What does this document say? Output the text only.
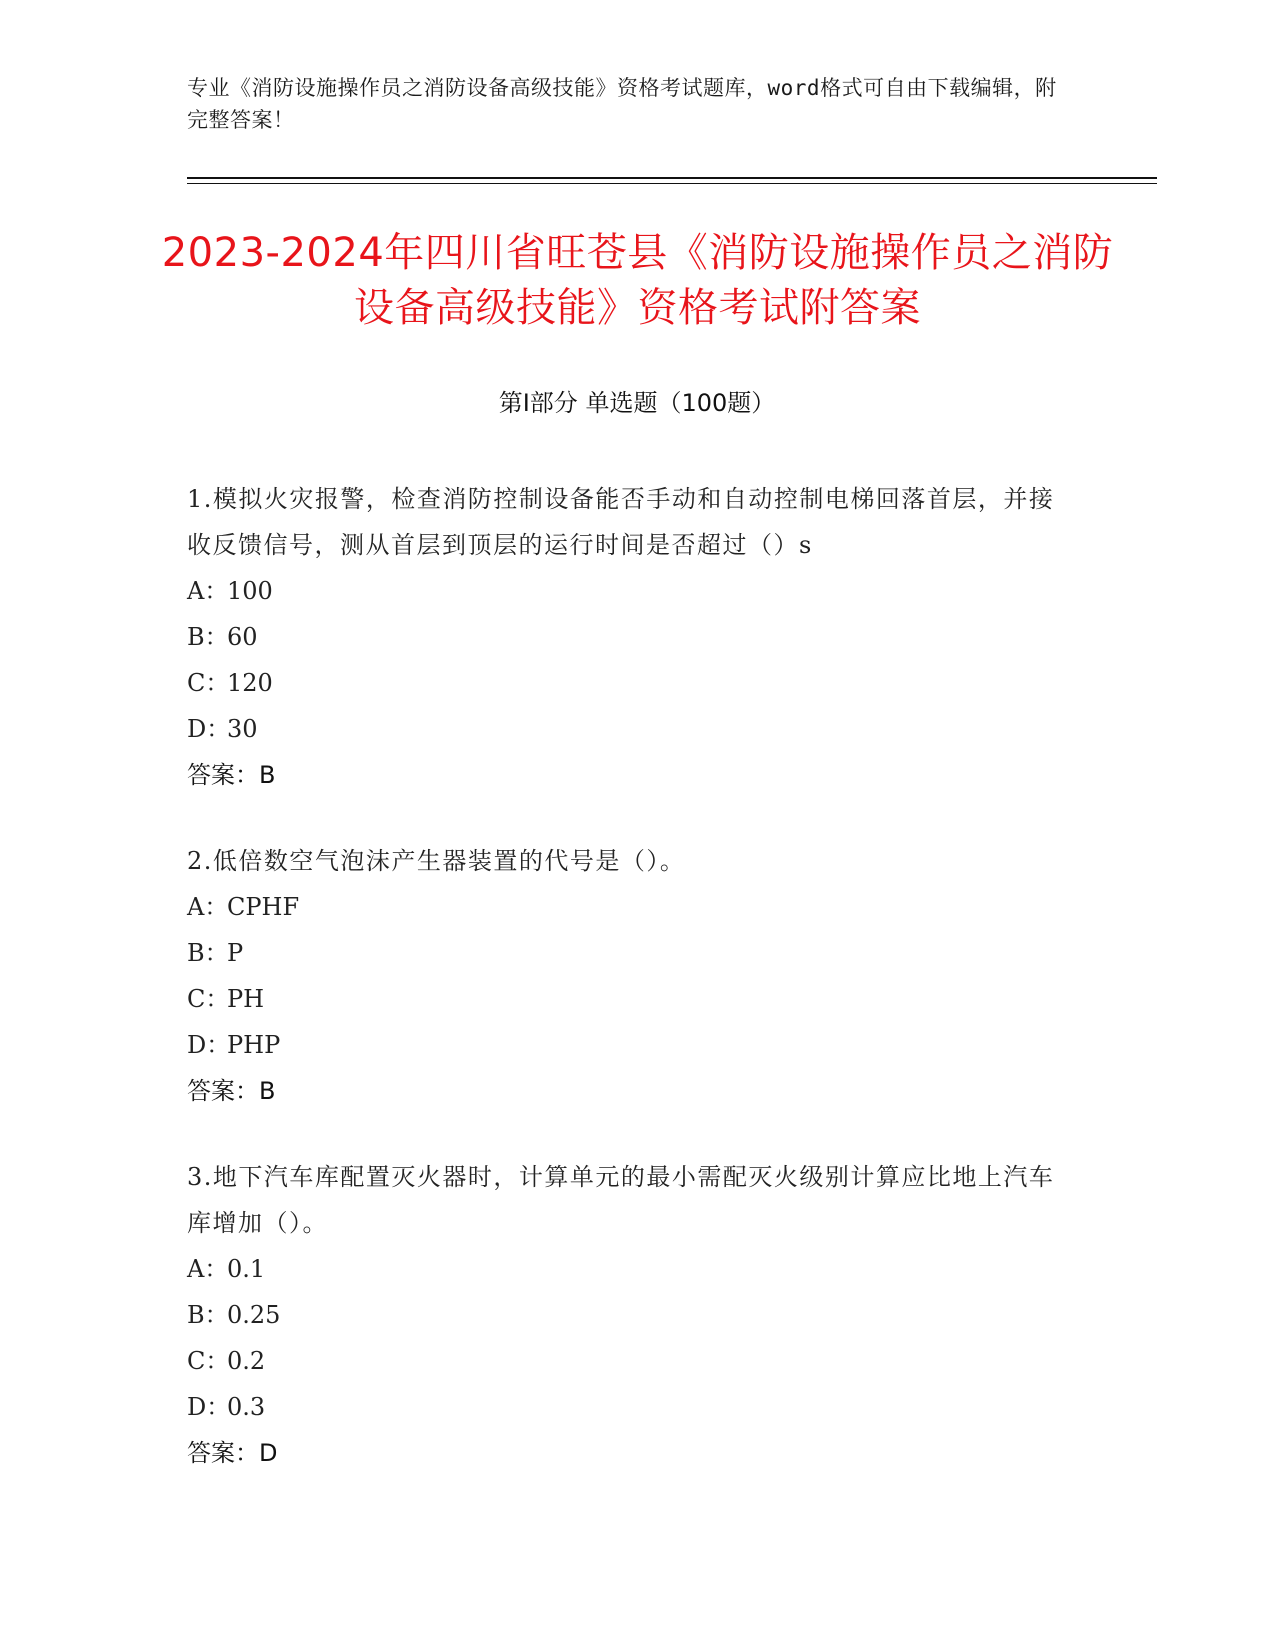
专业《消防设施操作员之消防设备高级技能》资格考试题库，word格式可自由下载编辑，附完整答案！
2023-2024年四川省旺苍县《消防设施操作员之消防设备高级技能》资格考试附答案
第Ⅰ部分 单选题（100题）

1.模拟火灾报警，检查消防控制设备能否手动和自动控制电梯回落首层，并接收反馈信号，测从首层到顶层的运行时间是否超过（）s

A：
100

B：
60

C：
120

D：
30

答案：B

2.低倍数空气泡沫产生器装置的代号是（）。

A：
CPHF

B：
P

C：
PH

D：
PHP

答案：B

3.地下汽车库配置灭火器时，计算单元的最小需配灭火级别计算应比地上汽车库增加（）。

A：
0.1

B：
0.25

C：
0.2

D：
0.3

答案：D
